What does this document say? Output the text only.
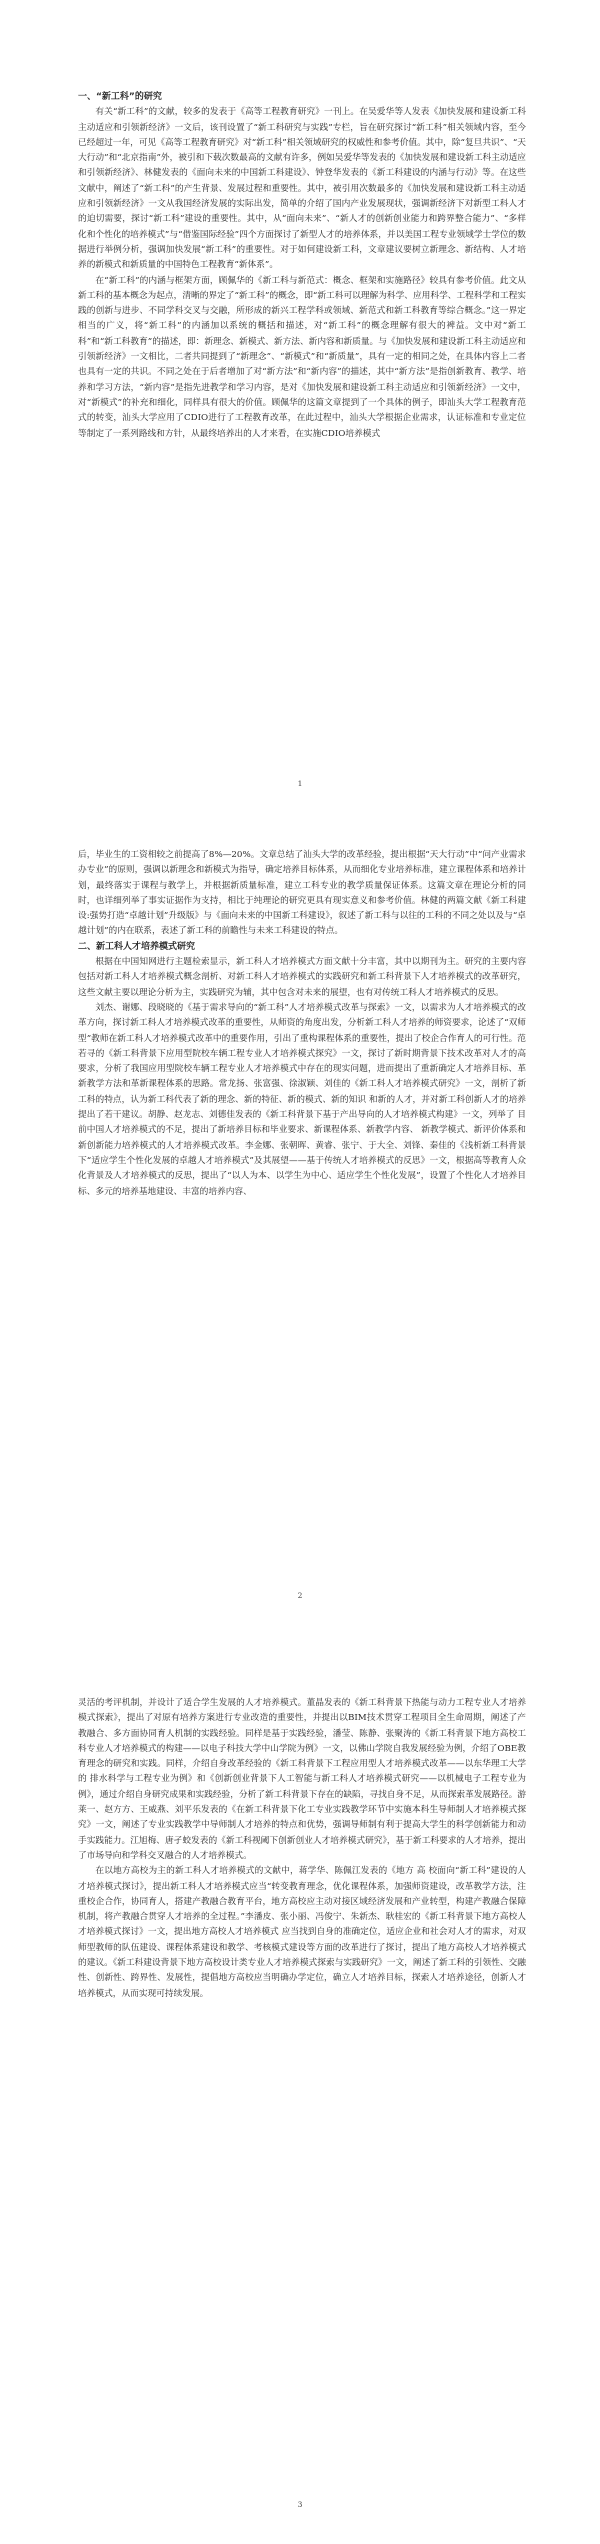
一、“新工科”的研究

有关“新工科”的文献，较多的发表于《高等工程教育研究》一刊上。在吴爱华等人发表《加快发展和建设新工科主动适应和引领新经济》一文后，该刊设置了“新工科研究与实践”专栏，旨在研究探讨“新工科”相关领域内容，至今已经超过一年，可见《高等工程教育研究》对“新工科”相关领域研究的权威性和参考价值。其中，除“复旦共识”、“天大行动”和“北京指南”外，被引和下载次数最高的文献有许多，例如吴爱华等发表的《加快发展和建设新工科主动适应和引领新经济》、林健发表的《面向未来的中国新工科建设》、钟登华发表的《新工科建设的内涵与行动》等。在这些文献中，阐述了“新工科”的产生背景、发展过程和重要性。其中，被引用次数最多的《加快发展和建设新工科主动适应和引领新经济》一文从我国经济发展的实际出发，简单的介绍了国内产业发展现状，强调新经济下对新型工科人才的迫切需要，探讨“新工科”建设的重要性。其中，从“面向未来”、“新人才的创新创业能力和跨界整合能力”、“多样化和个性化的培养模式”与“借鉴国际经验”四个方面探讨了新型人才的培养体系，并以美国工程专业领域学士学位的数据进行举例分析，强调加快发展“新工科”的重要性。对于如何建设新工科，文章建议要树立新理念、新结构、人才培养的新模式和新质量的中国特色工程教育“新体系”。

在“新工科”的内涵与框架方面，顾佩华的《新工科与新范式：概念、框架和实施路径》较具有参考价值。此文从新工科的基本概念为起点，清晰的界定了“新工科”的概念，即“新工科可以理解为科学、应用科学、工程科学和工程实践的创新与进步、不同学科交叉与交融，所形成的新兴工程学科或领域、新范式和新工科教育等综合概念。”这一界定相当的广义，将“新工科”的内涵加以系统的概括和描述，对“新工科”的概念理解有很大的裨益。文中对“新工科”和“新工科教育”的描述，即：新理念、新模式、新方法、新内容和新质量。与《加快发展和建设新工科主动适应和引领新经济》一文相比，二者共同提到了“新理念”、“新模式”和“新质量”，具有一定的相同之处，在具体内容上二者也具有一定的共识。不同之处在于后者增加了对“新方法”和“新内容”的描述，其中“新方法”是指创新教育、教学、培养和学习方法，“新内容”是指先进教学和学习内容，是对《加快发展和建设新工科主动适应和引领新经济》一文中，对“新模式”的补充和细化，同样具有很大的价值。顾佩华的这篇文章提到了一个具体的例子，即汕头大学工程教育范式的转变，汕头大学应用了CDIO进行了工程教育改革，在此过程中，汕头大学根据企业需求，认证标准和专业定位等制定了一系列路线和方针，从最终培养出的人才来看，在实施CDIO培养模式

1

后，毕业生的工资相较之前提高了8%—20%。文章总结了汕头大学的改革经验，提出根据“天大行动”中“问产业需求办专业”的原则，强调以新理念和新模式为指导，确定培养目标体系，从而细化专业培养标准，建立课程体系和培养计划，最终落实于课程与教学上，并根据新质量标准，建立工科专业的教学质量保证体系。这篇文章在理论分析的同时，也详细列举了事实证据作为支持，相比于纯理论的研究更具有现实意义和参考价值。林健的两篇文献《新工科建设:强势打造“卓越计划”升级版》与《面向未来的中国新工科建设》，叙述了新工科与以往的工科的不同之处以及与“卓越计划”的内在联系，表述了新工科的前瞻性与未来工科建设的特点。

二、新工科人才培养模式研究

根据在中国知网进行主题检索显示，新工科人才培养模式方面文献十分丰富，其中以期刊为主。研究的主要内容包括对新工科人才培养模式概念剖析、对新工科人才培养模式的实践研究和新工科背景下人才培养模式的改革研究，这些文献主要以理论分析为主，实践研究为辅，其中包含对未来的展望，也有对传统工科人才培养模式的反思。

刘杰、谢娜、段晓晓的《基于需求导向的“新工科”人才培养模式改革与探索》一文，以需求为人才培养模式的改革方向，探讨新工科人才培养模式改革的重要性，从师资的角度出发，分析新工科人才培养的师资要求，论述了“双师型”教师在新工科人才培养模式改革中的重要作用，引出了重构课程体系的重要性，提出了校企合作育人的可行性。范若寻的《新工科背景下应用型院校车辆工程专业人才培养模式探究》一文，探讨了新时期背景下技术改革对人才的高要求，分析了我国应用型院校车辆工程专业人才培养模式中存在的现实问题，进而提出了重新确定人才培养目标、革新教学方法和革新课程体系的思路。常龙扬、张富强、徐淑颖、刘佳的《新工科人才培养模式研究》一文，剖析了新工科的特点，认为新工科代表了新的理念、新的特征、新的模式、新的知识 和新的人才，并对新工科创新人才的培养提出了若干建议。胡静、赵龙志、刘德佳发表的《新工科背景下基于产出导向的人才培养模式构建》一文，列举了 目前中国人才培养模式的不足，提出了新培养目标和毕业要求、新课程体系、新教学内容、 新教学模式、新评价体系和新创新能力培养模式的人才培养模式改革。李金娜、张朝晖、黄睿、张宁、于大全、刘锋、秦佳的《浅析新工科背景下“适应学生个性化发展的卓越人才培养模式”及其展望——基于传统人才培养模式的反思》一文，根据高等教育人众化背景及人才培养模式的反思，提出了“以人为本、以学生为中心、适应学生个性化发展”，设置了个性化人才培养目标、多元的培养基地建设、丰富的培养内容、

2

灵活的考评机制，并设计了适合学生发展的人才培养模式。董晶发表的《新工科背景下热能与动力工程专业人才培养模式探索》，提出了对原有培养方案进行专业改造的重要性，并提出以BIM技术贯穿工程项目全生命周期，阐述了产教融合、多方面协同育人机制的实践经验。同样是基于实践经验，潘莹、陈静、张聚涛的《新工科背景下地方高校工科专业人才培养模式的构建——以电子科技大学中山学院为例》一文，以佛山学院自我发展经验为例，介绍了OBE教育理念的研究和实践。同样，介绍自身改革经验的《新工科背景下工程应用型人才培养模式改革——以东华理工大学的 排水科学与工程专业为例》和《创新创业背景下人工智能与新工科人才培养模式研究——以机械电子工程专业为例》，通过介绍自身研究成果和实践经验，分析了新工科背景下存在的缺陷，寻找自身不足，从而探索革发展路径。游莱一、赵方方、王威燕、刘平乐发表的《在新工科背景下化工专业实践教学环节中实施本科生导师制人才培养模式探究》一文，阐述了专业实践教学中导师制人才培养的特点和优势，强调导师制有利于提高大学生的科学创新能力和动手实践能力。江旭梅、唐孑蛟发表的《新工科视阈下创新创业人才培养模式研究》，基于新工科要求的人才培养，提出了市场导向和学科交叉融合的人才培养模式。

在以地方高校为主的新工科人才培养模式的文献中，蒋学华、陈佩江发表的《地方 高 校面向“新工科”建设的人才培养模式探讨》，提出新工科人才培养模式应当“转变教育理念，优化课程体系，加强师资建设，改革教学方法，注重校企合作，协同育人，搭建产教融合教育平台，地方高校应主动对接区域经济发展和产业转型，构建产教融合保障机制，将产教融合贯穿人才培养的全过程。”李潘皮、张小丽、冯俊宁、朱新杰、耿桂宏的《新工科背景下地方高校人才培养模式探讨》一文，提出地方高校人才培养模式 应当找到自身的准确定位，适应企业和社会对人才的需求，对双师型教师的队伍建设、课程体系建设和教学、考核模式建设等方面的改革进行了探讨，提出了地方高校人才培养模式的建议。《新工科建设背景下地方高校设计类专业人才培养模式探索与实践研究》一文，阐述了新工科的引领性、交融性、创新性、跨界性、发展性，提倡地方高校应当明确办学定位，确立人才培养目标，探索人才培养途径，创新人才培养模式，从而实现可持续发展。

3
